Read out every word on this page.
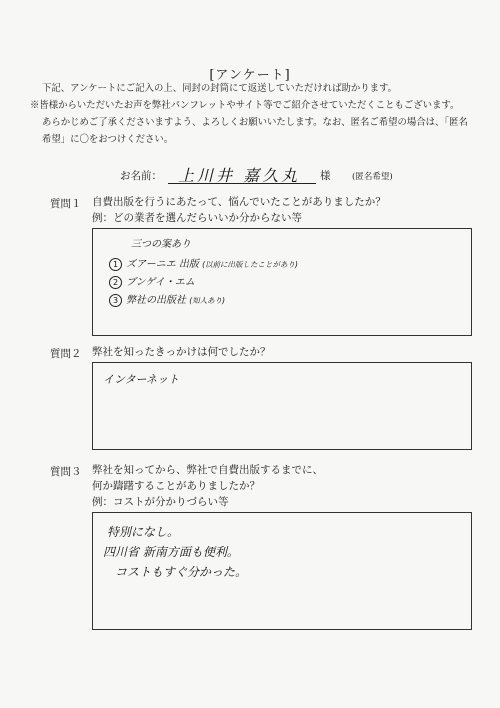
[アンケート]
下記、アンケートにご記入の上、同封の封筒にて返送していただければ助かります。
※皆様からいただいたお声を弊社パンフレットやサイト等でご紹介させていただくこともございます。
あらかじめご了承くださいますよう、よろしくお願いいたします。なお、匿名ご希望の場合は、「匿名
希望」に〇をおつけください。
お名前： 上川井 嘉久丸 様	(匿名希望)
質問１ 自費出版を行うにあたって、悩んでいたことがありましたか？
例：どの業者を選んだらいいか分からない等
三つの案あり
1 ズアーニエ 出版 (以前に出版したことがあり)
2 ブンゲイ・エム
3 弊社の出版社 (知人あり)
質問２ 弊社を知ったきっかけは何でしたか？
インターネット
質問３ 弊社を知ってから、弊社で自費出版するまでに、
何か躊躇することがありましたか？
例：コストが分かりづらい等
特別になし。
四川省 新南方面も便利。
コストもすぐ分かった。
